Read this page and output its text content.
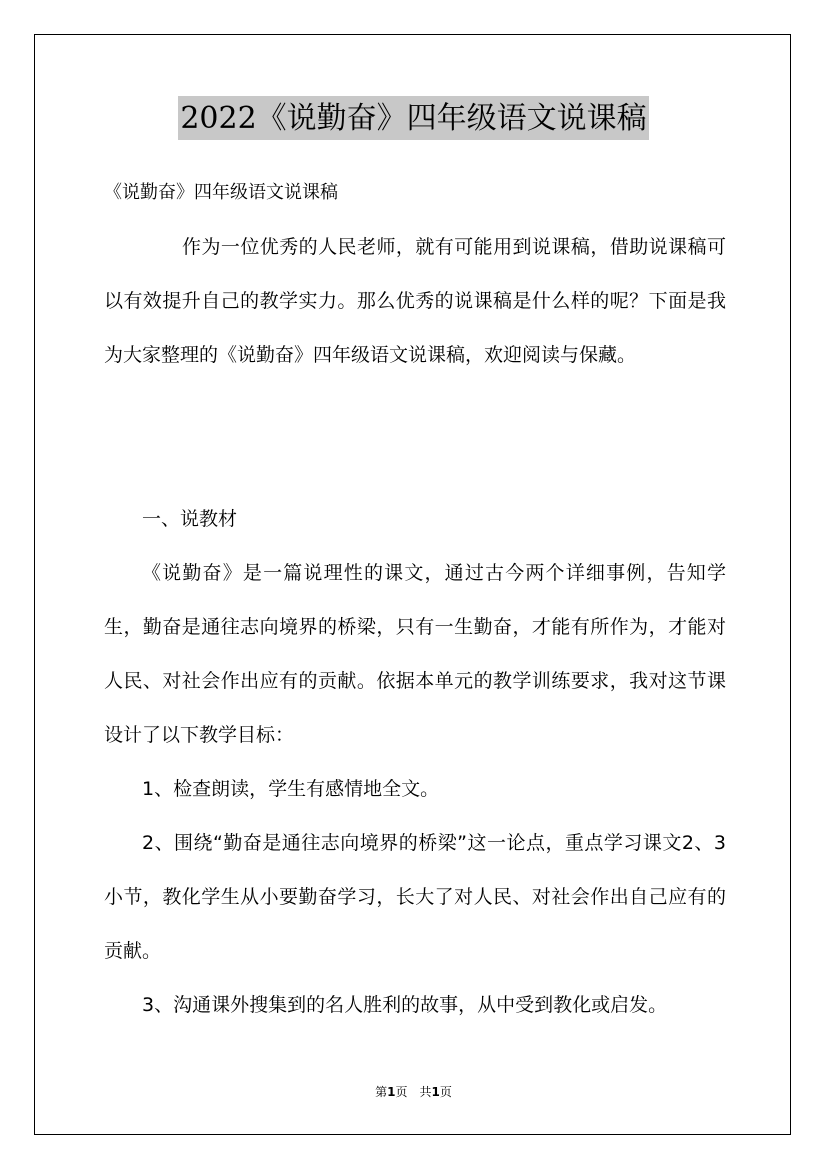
2022《说勤奋》四年级语文说课稿
《说勤奋》四年级语文说课稿
作为一位优秀的人民老师，就有可能用到说课稿，借助说课稿可以有效提升自己的教学实力。那么优秀的说课稿是什么样的呢？下面是我为大家整理的《说勤奋》四年级语文说课稿，欢迎阅读与保藏。
一、说教材
《说勤奋》是一篇说理性的课文，通过古今两个详细事例，告知学生，勤奋是通往志向境界的桥梁，只有一生勤奋，才能有所作为，才能对人民、对社会作出应有的贡献。依据本单元的教学训练要求，我对这节课设计了以下教学目标：
1、检查朗读，学生有感情地全文。
2、围绕“勤奋是通往志向境界的桥梁”这一论点，重点学习课文2、3小节，教化学生从小要勤奋学习，长大了对人民、对社会作出自己应有的贡献。
3、沟通课外搜集到的名人胜利的故事，从中受到教化或启发。
第1页　共1页
